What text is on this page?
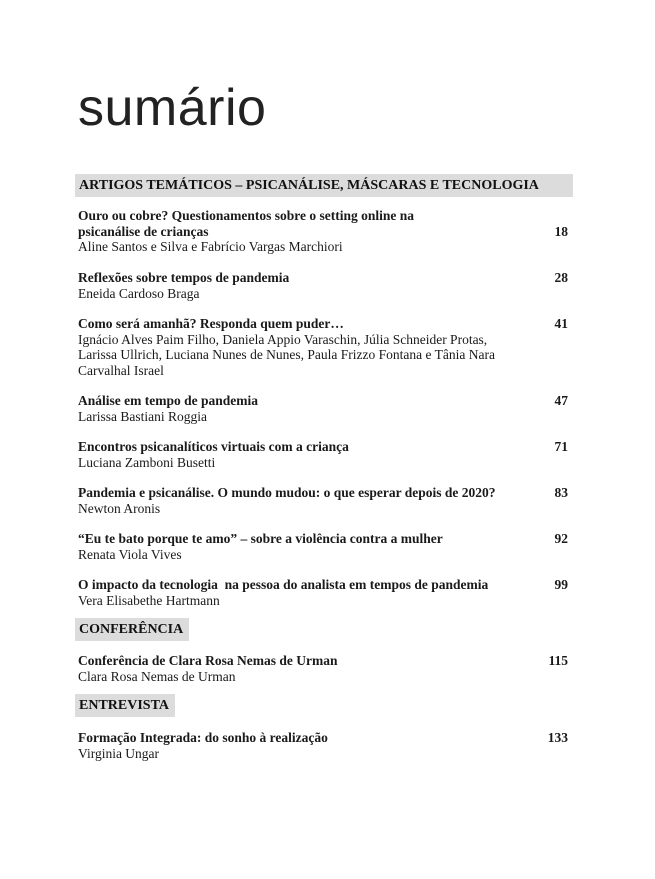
sumário
ARTIGOS TEMÁTICOS – PSICANÁLISE, MÁSCARAS E TECNOLOGIA
Ouro ou cobre? Questionamentos sobre o setting online na psicanálise de crianças
Aline Santos e Silva e Fabrício Vargas Marchiori
18
Reflexões sobre tempos de pandemia
Eneida Cardoso Braga
28
Como será amanhã? Responda quem puder…
Ignácio Alves Paim Filho, Daniela Appio Varaschin, Júlia Schneider Protas, Larissa Ullrich, Luciana Nunes de Nunes, Paula Frizzo Fontana e Tânia Nara Carvalhal Israel
41
Análise em tempo de pandemia
Larissa Bastiani Roggia
47
Encontros psicanalíticos virtuais com a criança
Luciana Zamboni Busetti
71
Pandemia e psicanálise. O mundo mudou: o que esperar depois de 2020?
Newton Aronis
83
“Eu te bato porque te amo” – sobre a violência contra a mulher
Renata Viola Vives
92
O impacto da tecnologia  na pessoa do analista em tempos de pandemia
Vera Elisabethe Hartmann
99
CONFERÊNCIA
Conferência de Clara Rosa Nemas de Urman
Clara Rosa Nemas de Urman
115
ENTREVISTA
Formação Integrada: do sonho à realização
Virginia Ungar
133
